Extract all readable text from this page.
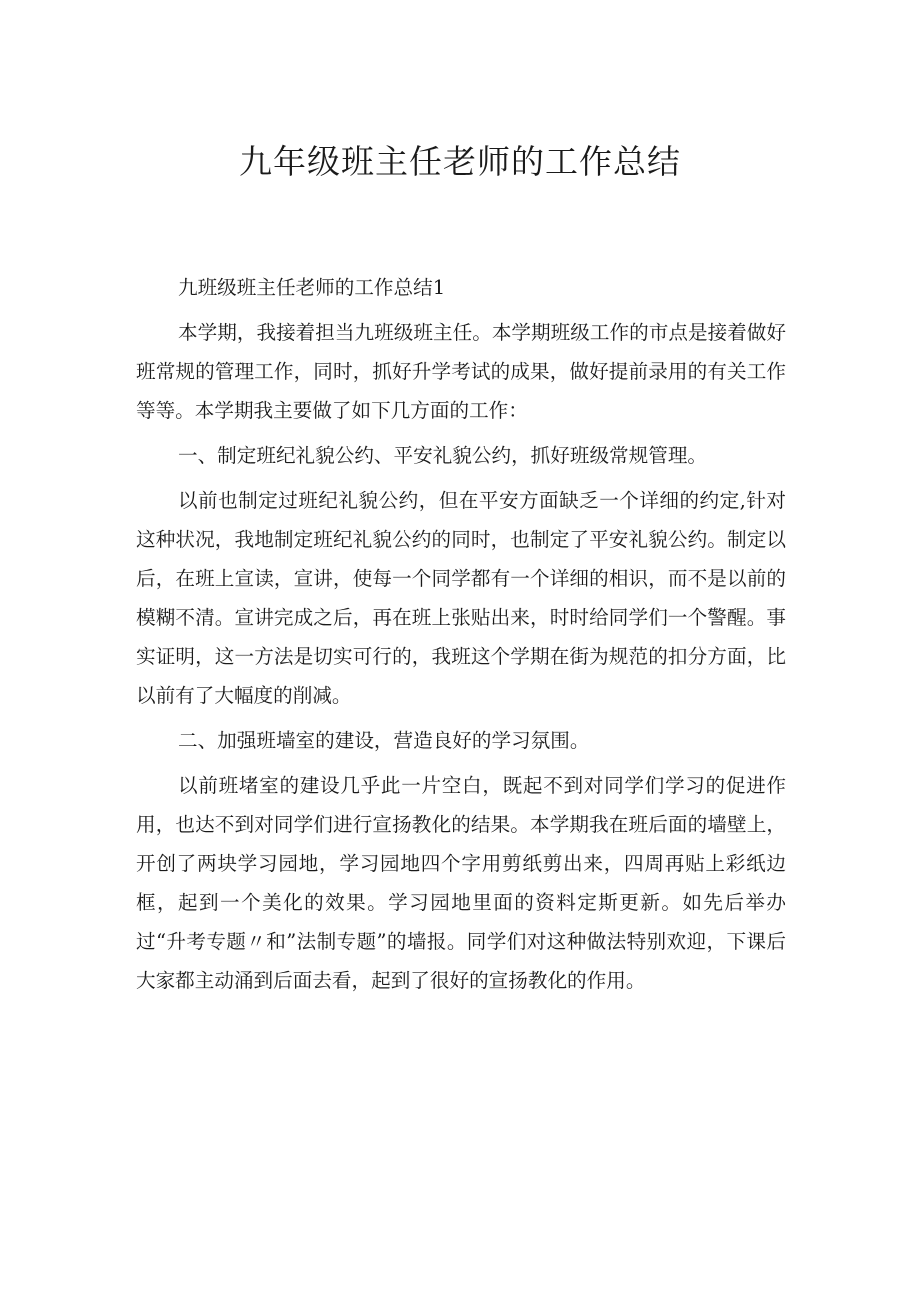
九年级班主任老师的工作总结

九班级班主任老师的工作总结1

本学期，我接着担当九班级班主任。本学期班级工作的市点是接着做好班常规的管理工作，同时，抓好升学考试的成果，做好提前录用的有关工作等等。本学期我主要做了如下几方面的工作：

一、制定班纪礼貌公约、平安礼貌公约，抓好班级常规管理。

以前也制定过班纪礼貌公约，但在平安方面缺乏一个详细的约定,针对这种状况，我地制定班纪礼貌公约的同时，也制定了平安礼貌公约。制定以后，在班上宣读，宣讲，使每一个同学都有一个详细的相识，而不是以前的模糊不清。宣讲完成之后，再在班上张贴出来，时时给同学们一个警醒。事实证明，这一方法是切实可行的，我班这个学期在街为规范的扣分方面，比以前有了大幅度的削减。

二、加强班墙室的建设，营造良好的学习氛围。

以前班堵室的建设几乎此一片空白，既起不到对同学们学习的促进作用，也达不到对同学们进行宣扬教化的结果。本学期我在班后面的墙壁上，开创了两块学习园地，学习园地四个字用剪纸剪出来，四周再贴上彩纸边框，起到一个美化的效果。学习园地里面的资料定斯更新。如先后举办过“升考专题〃和”法制专题”的墙报。同学们对这种做法特别欢迎，下课后大家都主动涌到后面去看，起到了很好的宣扬教化的作用。
